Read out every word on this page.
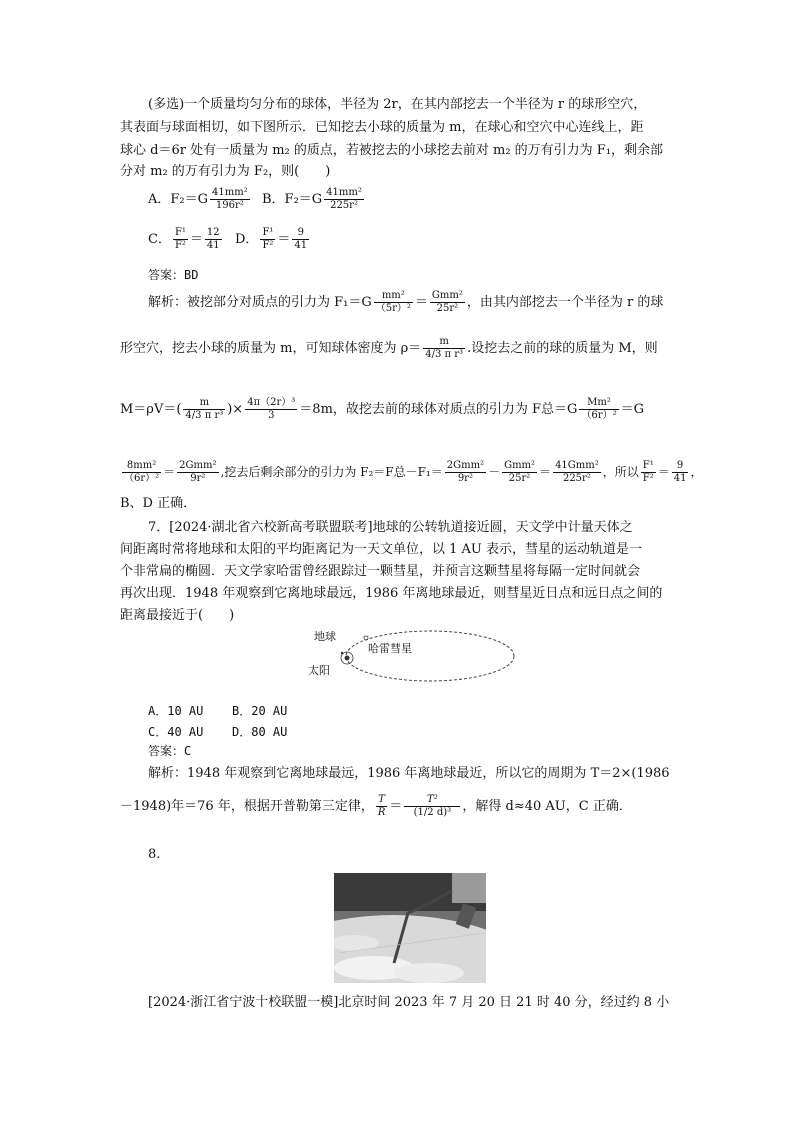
(多选)一个质量均匀分布的球体，半径为 2r，在其内部挖去一个半径为 r 的球形空穴，
其表面与球面相切，如下图所示．已知挖去小球的质量为 m，在球心和空穴中心连线上，距
球心 d＝6r 处有一质量为 m₂ 的质点，若被挖去的小球挖去前对 m₂ 的万有引力为 F₁，剩余部
分对 m₂ 的万有引力为 F₂，则(　　)
A．$F_2=G \frac{\text{41mm²}}{\text{196r²}}$ B．$F_2=G \frac{\text{41mm²}}{\text{225r²}}$
C． $\frac{\text{F¹}}{\text{F²}} = \frac{12}{41}$ D． $\frac{\text{F¹}}{\text{F²}} = \frac{9}{41}$
答案：BD
解析：被挖部分对质点的引力为 $F_1=G \frac{\text{mm²}}{\text{（5r）²}} = \frac{\text{Gmm²}}{\text{25r²}}$ ，由其内部挖去一个半径为 r 的球
形空穴，挖去小球的质量为 m，可知球体密度为 $\rho= \frac{m}{\text{4/3 π r³}}$ .设挖去之前的球的质量为 M，则
$M=\rho V=( \frac{m}{\text{4/3 π r³}}$ )× $\frac{\text{4π（2r）³}}{3} =8m$，故挖去前的球体对质点的引力为 F总$=G \frac{\text{Mm²}}{\text{（6r）²}} =G$
$\frac{\text{8mm²}}{\text{（6r）²}} = \frac{\text{2Gmm²}}{\text{9r²}}$ ,挖去后剩余部分的引力为 F₂＝F总$-F_1= \frac{\text{2Gmm²}}{\text{9r²}} - \frac{\text{Gmm²}}{\text{25r²}} = \frac{\text{41Gmm²}}{\text{225r²}}$ ，所以 $\frac{\text{F¹}}{\text{F²}} = \frac{9}{41}$ ，
B、D 正确．
7．[2024·湖北省六校新高考联盟联考]地球的公转轨道接近圆，天文学中计量天体之
间距离时常将地球和太阳的平均距离记为一天文单位，以 1 AU 表示，彗星的运动轨道是一
个非常扁的椭圆．天文学家哈雷曾经跟踪过一颗彗星，并预言这颗彗星将每隔一定时间就会
再次出现．1948 年观察到它离地球最远，1986 年离地球最近，则彗星近日点和远日点之间的
距离最接近于(　　)
地球
哈雷彗星
太阳
A．10 AU B．20 AU
C．40 AU D．80 AU
答案：C
解析：1948 年观察到它离地球最远，1986 年离地球最近，所以它的周期为 T＝2×(1986
－1948)年＝76 年，根据开普勒第三定律， $\frac{T}{R} = \frac{\text{T²}}{\text{(1/2 d)³}}$ ，解得 d≈40 AU，C 正确．
8.
[2024·浙江省宁波十校联盟一模]北京时间 2023 年 7 月 20 日 21 时 40 分，经过约 8 小
